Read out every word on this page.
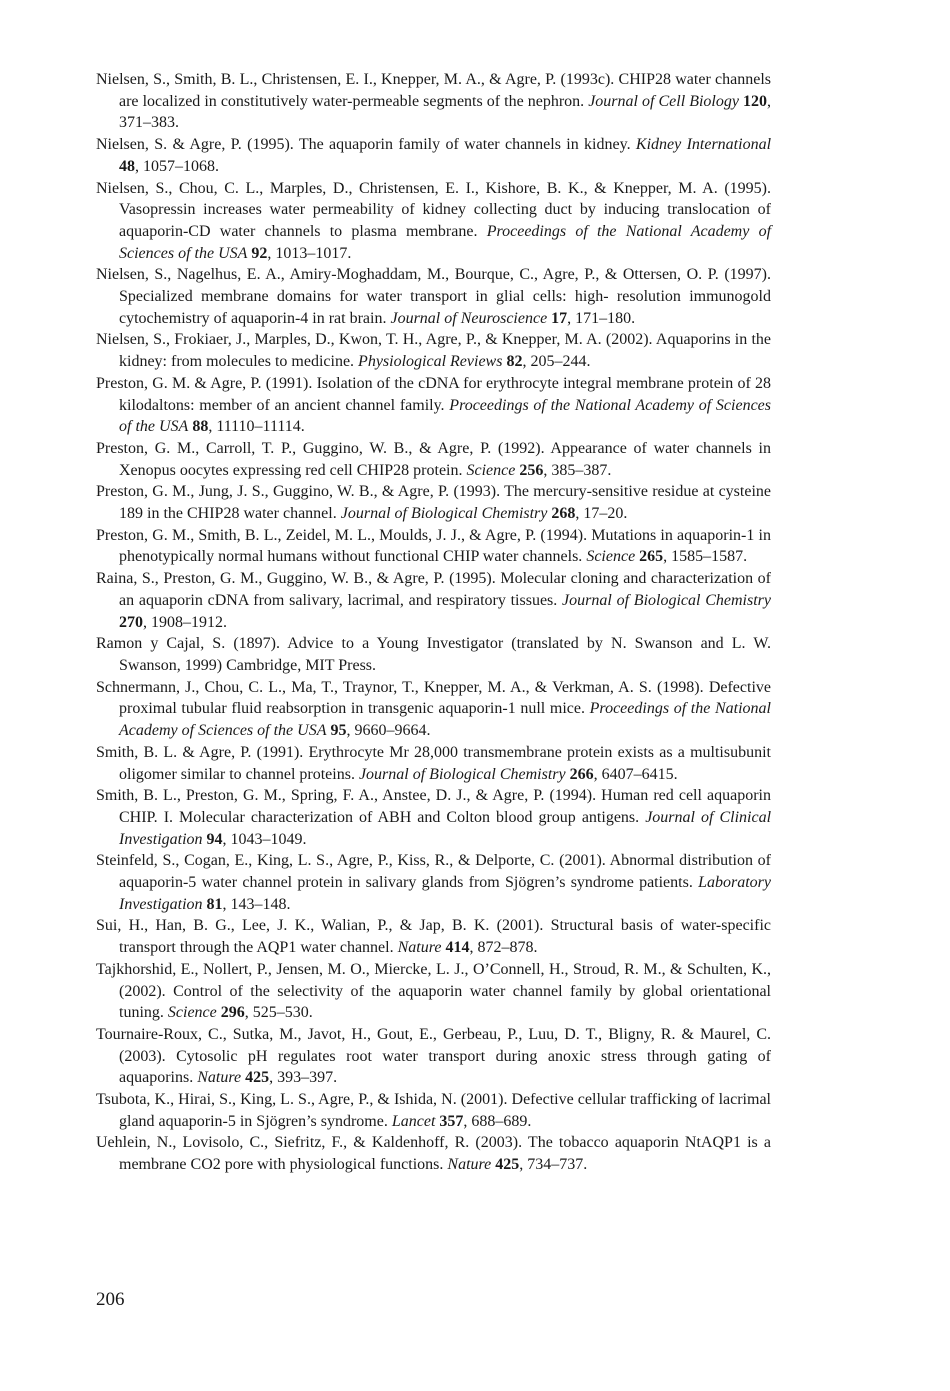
Nielsen, S., Smith, B. L., Christensen, E. I., Knepper, M. A., & Agre, P. (1993c). CHIP28 water channels are localized in constitutively water-permeable segments of the nephron. Journal of Cell Biology 120, 371–383.
Nielsen, S. & Agre, P. (1995). The aquaporin family of water channels in kidney. Kidney International 48, 1057–1068.
Nielsen, S., Chou, C. L., Marples, D., Christensen, E. I., Kishore, B. K., & Knepper, M. A. (1995). Vasopressin increases water permeability of kidney collecting duct by inducing translocation of aquaporin-CD water channels to plasma membrane. Proceedings of the National Academy of Sciences of the USA 92, 1013–1017.
Nielsen, S., Nagelhus, E. A., Amiry-Moghaddam, M., Bourque, C., Agre, P., & Ottersen, O. P. (1997). Specialized membrane domains for water transport in glial cells: high- resolution immunogold cytochemistry of aquaporin-4 in rat brain. Journal of Neuroscience 17, 171–180.
Nielsen, S., Frokiaer, J., Marples, D., Kwon, T. H., Agre, P., & Knepper, M. A. (2002). Aquaporins in the kidney: from molecules to medicine. Physiological Reviews 82, 205–244.
Preston, G. M. & Agre, P. (1991). Isolation of the cDNA for erythrocyte integral membrane protein of 28 kilodaltons: member of an ancient channel family. Proceedings of the National Academy of Sciences of the USA 88, 11110–11114.
Preston, G. M., Carroll, T. P., Guggino, W. B., & Agre, P. (1992). Appearance of water channels in Xenopus oocytes expressing red cell CHIP28 protein. Science 256, 385–387.
Preston, G. M., Jung, J. S., Guggino, W. B., & Agre, P. (1993). The mercury-sensitive residue at cysteine 189 in the CHIP28 water channel. Journal of Biological Chemistry 268, 17–20.
Preston, G. M., Smith, B. L., Zeidel, M. L., Moulds, J. J., & Agre, P. (1994). Mutations in aquaporin-1 in phenotypically normal humans without functional CHIP water channels. Science 265, 1585–1587.
Raina, S., Preston, G. M., Guggino, W. B., & Agre, P. (1995). Molecular cloning and characterization of an aquaporin cDNA from salivary, lacrimal, and respiratory tissues. Journal of Biological Chemistry 270, 1908–1912.
Ramon y Cajal, S. (1897). Advice to a Young Investigator (translated by N. Swanson and L. W. Swanson, 1999) Cambridge, MIT Press.
Schnermann, J., Chou, C. L., Ma, T., Traynor, T., Knepper, M. A., & Verkman, A. S. (1998). Defective proximal tubular fluid reabsorption in transgenic aquaporin-1 null mice. Proceedings of the National Academy of Sciences of the USA 95, 9660–9664.
Smith, B. L. & Agre, P. (1991). Erythrocyte Mr 28,000 transmembrane protein exists as a multisubunit oligomer similar to channel proteins. Journal of Biological Chemistry 266, 6407–6415.
Smith, B. L., Preston, G. M., Spring, F. A., Anstee, D. J., & Agre, P. (1994). Human red cell aquaporin CHIP. I. Molecular characterization of ABH and Colton blood group antigens. Journal of Clinical Investigation 94, 1043–1049.
Steinfeld, S., Cogan, E., King, L. S., Agre, P., Kiss, R., & Delporte, C. (2001). Abnormal distribution of aquaporin-5 water channel protein in salivary glands from Sjögren’s syndrome patients. Laboratory Investigation 81, 143–148.
Sui, H., Han, B. G., Lee, J. K., Walian, P., & Jap, B. K. (2001). Structural basis of water-specific transport through the AQP1 water channel. Nature 414, 872–878.
Tajkhorshid, E., Nollert, P., Jensen, M. O., Miercke, L. J., O’Connell, H., Stroud, R. M., & Schulten, K., (2002). Control of the selectivity of the aquaporin water channel family by global orientational tuning. Science 296, 525–530.
Tournaire-Roux, C., Sutka, M., Javot, H., Gout, E., Gerbeau, P., Luu, D. T., Bligny, R. & Maurel, C. (2003). Cytosolic pH regulates root water transport during anoxic stress through gating of aquaporins. Nature 425, 393–397.
Tsubota, K., Hirai, S., King, L. S., Agre, P., & Ishida, N. (2001). Defective cellular trafficking of lacrimal gland aquaporin-5 in Sjögren’s syndrome. Lancet 357, 688–689.
Uehlein, N., Lovisolo, C., Siefritz, F., & Kaldenhoff, R. (2003). The tobacco aquaporin NtAQP1 is a membrane CO2 pore with physiological functions. Nature 425, 734–737.
206
